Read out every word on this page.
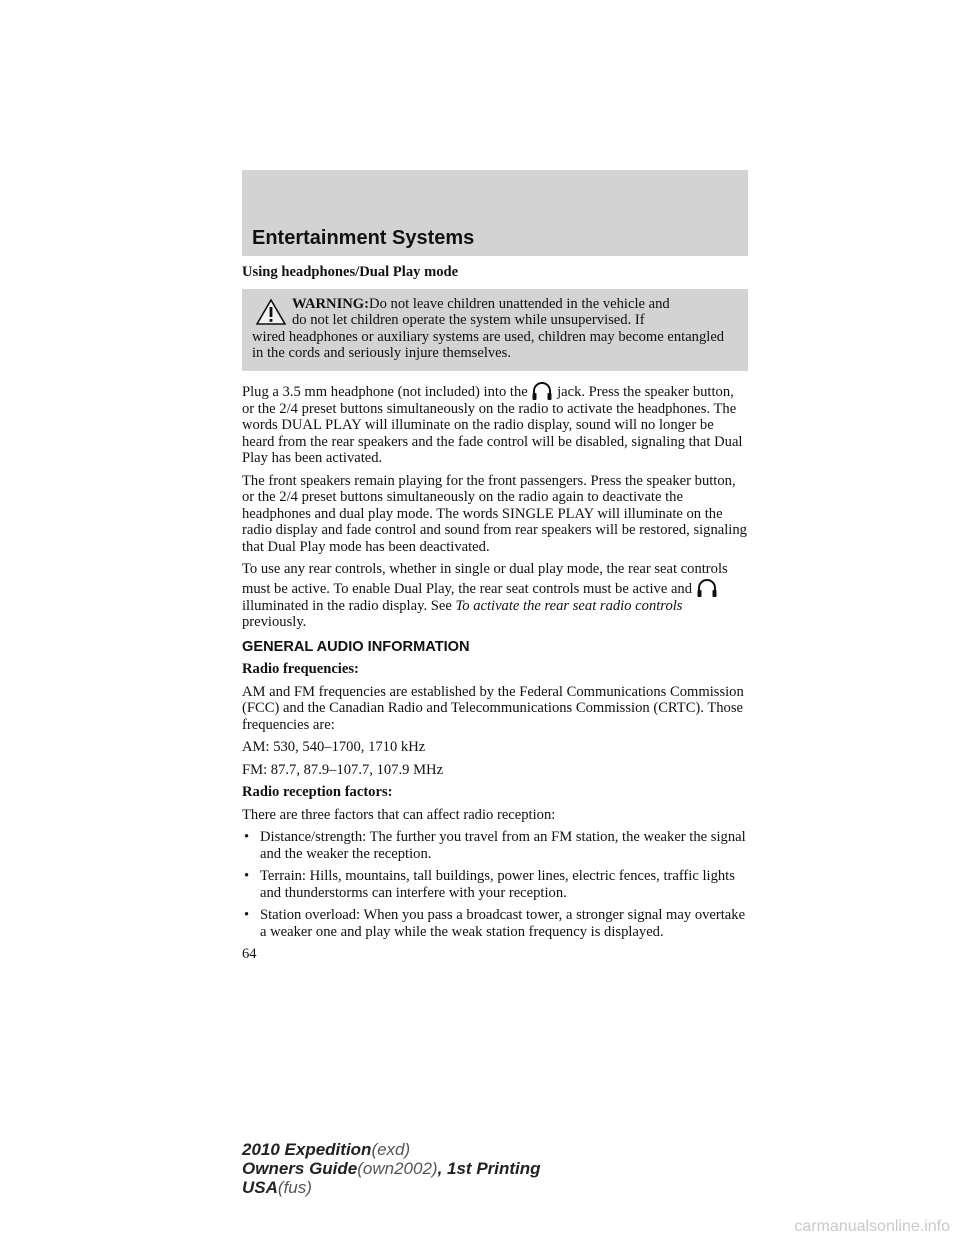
Entertainment Systems

Using headphones/Dual Play mode

WARNING:Do not leave children unattended in the vehicle and
do not let children operate the system while unsupervised. If
wired headphones or auxiliary systems are used, children may become entangled in the cords and seriously injure themselves.

Plug a 3.5 mm headphone (not included) into the jack. Press the speaker button, or the 2/4 preset buttons simultaneously on the radio to activate the headphones. The words DUAL PLAY will illuminate on the radio display, sound will no longer be heard from the rear speakers and the fade control will be disabled, signaling that Dual Play has been activated.

The front speakers remain playing for the front passengers. Press the speaker button, or the 2/4 preset buttons simultaneously on the radio again to deactivate the headphones and dual play mode. The words SINGLE PLAY will illuminate on the radio display and fade control and sound from rear speakers will be restored, signaling that Dual Play mode has been deactivated.

To use any rear controls, whether in single or dual play mode, the rear seat controls must be active. To enable Dual Play, the rear seat controls must be active and  illuminated in the radio display. See To activate the rear seat radio controls previously.

GENERAL AUDIO INFORMATION

Radio frequencies:

AM and FM frequencies are established by the Federal Communications Commission (FCC) and the Canadian Radio and Telecommunications Commission (CRTC). Those frequencies are:

AM: 530, 540–1700, 1710 kHz

FM: 87.7, 87.9–107.7, 107.9 MHz

Radio reception factors:

There are three factors that can affect radio reception:

• Distance/strength: The further you travel from an FM station, the weaker the signal and the weaker the reception.
• Terrain: Hills, mountains, tall buildings, power lines, electric fences, traffic lights and thunderstorms can interfere with your reception.
• Station overload: When you pass a broadcast tower, a stronger signal may overtake a weaker one and play while the weak station frequency is displayed.
64
2010 Expedition(exd)
Owners Guide(own2002), 1st Printing
USA(fus)
carmanualsonline.info
